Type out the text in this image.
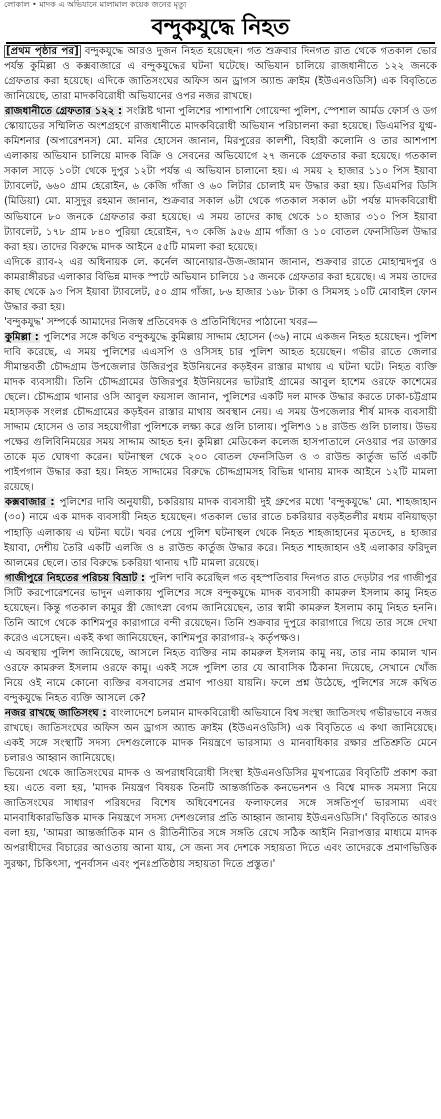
লোকাল • মাদক এ অভিযানে মালামাল কয়েক জনের মৃত্যু
বন্দুকযুদ্ধে নিহত

[প্রথম পৃষ্ঠার পর] বন্দুকযুদ্ধে আরও দুজন নিহত হয়েছেন। গত শুক্রবার দিনগত রাত থেকে গতকাল ভোর পর্যন্ত কুমিল্লা ও কক্সবাজারে এ বন্দুকযুদ্ধের ঘটনা ঘটেছে। অভিযান চালিয়ে রাজধানীতে ১২২ জনকে গ্রেফতার করা হয়েছে। এদিকে জাতিসংঘের অফিস অন ড্রাগস অ্যান্ড ক্রাইম (ইউএনওডিসি) এক বিবৃতিতে জানিয়েছে, তারা মাদকবিরোধী অভিযানের ওপর নজর রাখছে।

রাজধানীতে গ্রেফতার ১২২ : সংশ্লিষ্ট থানা পুলিশের পাশাপাশি গোয়েন্দা পুলিশ, স্পেশাল আর্মড ফোর্স ও ডগ স্কোয়াডের সম্মিলিত অংশগ্রহণে রাজধানীতে মাদকবিরোধী অভিযান পরিচালনা করা হয়েছে। ডিএমপির যুগ্ম-কমিশনার (অপারেশনস) মো. মনির হোসেন জানান, মিরপুরের কালশী, বিহারী কলোনি ও তার আশপাশ এলাকায় অভিযান চালিয়ে মাদক বিক্রি ও সেবনের অভিযোগে ২৭ জনকে গ্রেফতার করা হয়েছে। গতকাল সকাল সাড়ে ১০টা থেকে দুপুর ১২টা পর্যন্ত এ অভিযান চালানো হয়। এ সময় ২ হাজার ১১০ পিস ইয়াবা ট্যাবলেট, ৬৬০ গ্রাম হেরোইন, ৬ কেজি গাঁজা ও ৬০ লিটার চোলাই মদ উদ্ধার করা হয়। ডিএমপির ডিসি (মিডিয়া) মো. মাসুদুর রহমান জানান, শুক্রবার সকাল ৬টা থেকে গতকাল সকাল ৬টা পর্যন্ত মাদকবিরোধী অভিযানে ৮০ জনকে গ্রেফতার করা হয়েছে। এ সময় তাদের কাছ থেকে ১০ হাজার ৩১০ পিস ইয়াবা ট্যাবলেট, ১৭৮ গ্রাম ৮৪০ পুরিয়া হেরোইন, ৭৩ কেজি ৯৫৬ গ্রাম গাঁজা ও ১০ বোতল ফেনসিডিল উদ্ধার করা হয়। তাদের বিরুদ্ধে মাদক আইনে ৫৫টি মামলা করা হয়েছে।

এদিকে র‍্যাব-২ এর অধিনায়ক লে. কর্নেল আনোয়ার-উজ-জামান জানান, শুক্রবার রাতে মোহাম্মদপুর ও কামরাঙ্গীরচর এলাকার বিভিন্ন মাদক স্পটে অভিযান চালিয়ে ১৫ জনকে গ্রেফতার করা হয়েছে। এ সময় তাদের কাছ থেকে ৯৩ পিস ইয়াবা ট্যাবলেট, ৫০ গ্রাম গাঁজা, ৮৬ হাজার ১৬৮ টাকা ও সিমসহ ১০টি মোবাইল ফোন উদ্ধার করা হয়।

'বন্দুকযুদ্ধ' সম্পর্কে আমাদের নিজস্ব প্রতিবেদক ও প্রতিনিধিদের পাঠানো খবর—

কুমিল্লা : পুলিশের সঙ্গে কথিত বন্দুকযুদ্ধে কুমিল্লায় সাদ্দাম হোসেন (৩৬) নামে একজন নিহত হয়েছেন। পুলিশ দাবি করেছে, এ সময় পুলিশের এএসপি ও ওসিসহ চার পুলিশ আহত হয়েছেন। গভীর রাতে জেলার সীমান্তবর্তী চৌদ্দগ্রাম উপজেলার উজিরপুর ইউনিয়নের কড়ইবন রাস্তার মাথায় এ ঘটনা ঘটে। নিহত ব্যক্তি মাদক ব্যবসায়ী। তিনি চৌদ্দগ্রামের উজিরপুর ইউনিয়নের ভাটরাই গ্রামের আবুল হাশেম ওরফে কাশেমের ছেলে। চৌদ্দগ্রাম থানার ওসি আবুল ফয়সাল জানান, পুলিশের একটি দল মাদক উদ্ধার করতে ঢাকা-চট্টগ্রাম মহাসড়ক সংলগ্ন চৌদ্দগ্রামের কড়ইবন রাস্তার মাথায় অবস্থান নেয়। এ সময় উপজেলার শীর্ষ মাদক ব্যবসায়ী সাদ্দাম হোসেন ও তার সহযোগীরা পুলিশকে লক্ষ্য করে গুলি চালায়। পুলিশও ১৪ রাউন্ড গুলি চালায়। উভয় পক্ষের গুলিবিনিময়ের সময় সাদ্দাম আহত হন। কুমিল্লা মেডিকেল কলেজ হাসপাতালে নেওয়ার পর ডাক্তার তাকে মৃত ঘোষণা করেন। ঘটনাস্থল থেকে ২০০ বোতল ফেনসিডিল ও ৩ রাউন্ড কার্তুজ ভর্তি একটি পাইপগান উদ্ধার করা হয়। নিহত সাদ্দামের বিরুদ্ধে চৌদ্দগ্রামসহ বিভিন্ন থানায় মাদক আইনে ১২টি মামলা রয়েছে।

কক্সবাজার : পুলিশের দাবি অনুযায়ী, চকরিয়ায় মাদক ব্যবসায়ী দুই গ্রুপের মধ্যে 'বন্দুকযুদ্ধে' মো. শাহজাহান (৩০) নামে এক মাদক ব্যবসায়ী নিহত হয়েছেন। গতকাল ভোর রাতে চকরিয়ার বড়ইতলীর মধ্যম বনিয়াছড়া পাহাড়ি এলাকায় এ ঘটনা ঘটে। খবর পেয়ে পুলিশ ঘটনাস্থল থেকে নিহত শাহজাহানের মৃতদেহ, ৪ হাজার ইয়াবা, দেশীয় তৈরি একটি এলজি ও ৪ রাউন্ড কার্তুজ উদ্ধার করে। নিহত শাহজাহান ওই এলাকার ফরিদুল আলমের ছেলে। তার বিরুদ্ধে চকরিয়া থানায় ৭টি মামলা রয়েছে।

গাজীপুরে নিহতের পরিচয় বিভ্রাট : পুলিশ দাবি করেছিল গত বৃহস্পতিবার দিনগত রাত দেড়টার পর গাজীপুর সিটি করপোরেশনের ভাদুন এলাকায় পুলিশের সঙ্গে বন্দুকযুদ্ধে মাদক ব্যবসায়ী কামরুল ইসলাম কামু নিহত হয়েছেন। কিন্তু গতকাল কামুর স্ত্রী জোৎস্না বেগম জানিয়েছেন, তার স্বামী কামরুল ইসলাম কামু নিহত হননি। তিনি আগে থেকে কাশিমপুর কারাগারে বন্দী রয়েছেন। তিনি শুক্রবার দুপুরে কারাগারে গিয়ে তার সঙ্গে দেখা করেও এসেছেন। একই কথা জানিয়েছেন, কাশিমপুর কারাগার-২ কর্তৃপক্ষও।

এ অবস্থায় পুলিশ জানিয়েছে, আসলে নিহত ব্যক্তির নাম কামরুল ইসলাম কামু নয়, তার নাম কামাল খান ওরফে কামরুল ইসলাম ওরফে কামু। একই সঙ্গে পুলিশ তার যে আবাসিক ঠিকানা দিয়েছে, সেখানে খোঁজ নিয়ে ওই নামে কোনো ব্যক্তির বসবাসের প্রমাণ পাওয়া যায়নি। ফলে প্রশ্ন উঠেছে, পুলিশের সঙ্গে কথিত বন্দুকযুদ্ধে নিহত ব্যক্তি আসলে কে?

নজর রাখছে জাতিসংঘ : বাংলাদেশে চলমান মাদকবিরোধী অভিযানে বিশ্ব সংস্থা জাতিসংঘ গভীরভাবে নজর রাখছে। জাতিসংঘের অফিস অন ড্রাগস অ্যান্ড ক্রাইম (ইউএনওডিসি) এক বিবৃতিতে এ কথা জানিয়েছে। একই সঙ্গে সংস্থাটি সদস্য দেশগুলোকে মাদক নিয়ন্ত্রণে ভারসাম্য ও মানবাধিকার রক্ষার প্রতিশ্রুতি মেনে চলারও আহ্বান জানিয়েছে।

ভিয়েনা থেকে জাতিসংঘের মাদক ও অপরাধবিরোধী সিংস্থা ইউএনওডিসির মুখপাত্রের বিবৃতিটি প্রকাশ করা হয়। এতে বলা হয়, 'মাদক নিয়ন্ত্রণ বিষয়ক তিনটি আন্তর্জাতিক কনভেনশন ও বিশ্বে মাদক সমস্যা নিয়ে জাতিসংঘের সাধারণ পরিষদের বিশেষ অধিবেশনের ফলাফলের সঙ্গে সঙ্গতিপূর্ণ ভারসাম্য এবং মানবাধিকারভিত্তিক মাদক নিয়ন্ত্রণে সদস্য দেশগুলোর প্রতি আহ্বান জানায় ইউএনওডিসি।' বিবৃতিতে আরও বলা হয়, 'আমরা আন্তর্জাতিক মান ও রীতিনীতির সঙ্গে সঙ্গতি রেখে সঠিক আইনি নিরাপত্তার মাধ্যমে মাদক অপরাধীদের বিচারের আওতায় আনা যায়, সে জন্য সব দেশকে সহায়তা দিতে এবং তাদেরকে প্রমাণভিত্তিক সুরক্ষা, চিকিৎসা, পুনর্বাসন এবং পুনঃপ্রতিষ্ঠায় সহায়তা দিতে প্রস্তুত।'
